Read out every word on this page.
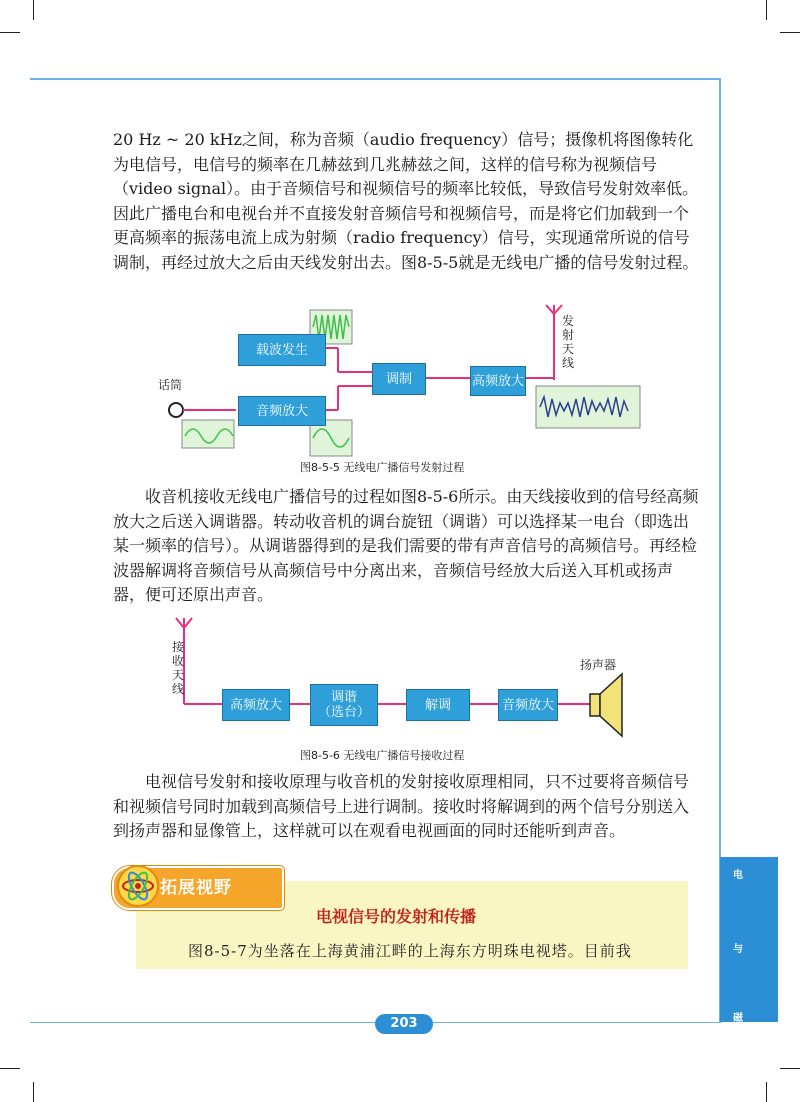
20 Hz ~ 20 kHz之间，称为音频（audio frequency）信号；摄像机将图像转化为电信号，电信号的频率在几赫兹到几兆赫兹之间，这样的信号称为视频信号（video signal）。由于音频信号和视频信号的频率比较低，导致信号发射效率低。因此广播电台和电视台并不直接发射音频信号和视频信号，而是将它们加载到一个更高频率的振荡电流上成为射频（radio frequency）信号，实现通常所说的信号调制，再经过放大之后由天线发射出去。图8-5-5就是无线电广播的信号发射过程。

载波发生
音频放大
调制	高频放大
话筒
发射天线
图8-5-5 无线电广播信号发射过程

收音机接收无线电广播信号的过程如图8-5-6所示。由天线接收到的信号经高频放大之后送入调谐器。转动收音机的调台旋钮（调谐）可以选择某一电台（即选出某一频率的信号）。从调谐器得到的是我们需要的带有声音信号的高频信号。再经检波器解调将音频信号从高频信号中分离出来，音频信号经放大后送入耳机或扬声器，便可还原出声音。

高频放大	调谐
（选台）	解调	音频放大
接收天线
扬声器
图8-5-6 无线电广播信号接收过程

电视信号发射和接收原理与收音机的发射接收原理相同，只不过要将音频信号和视频信号同时加载到高频信号上进行调制。接收时将解调到的两个信号分别送入到扬声器和显像管上，这样就可以在观看电视画面的同时还能听到声音。

拓展视野
电视信号的发射和传播
图8-5-7为坐落在上海黄浦江畔的上海东方明珠电视塔。目前我
电
与
磁
203
